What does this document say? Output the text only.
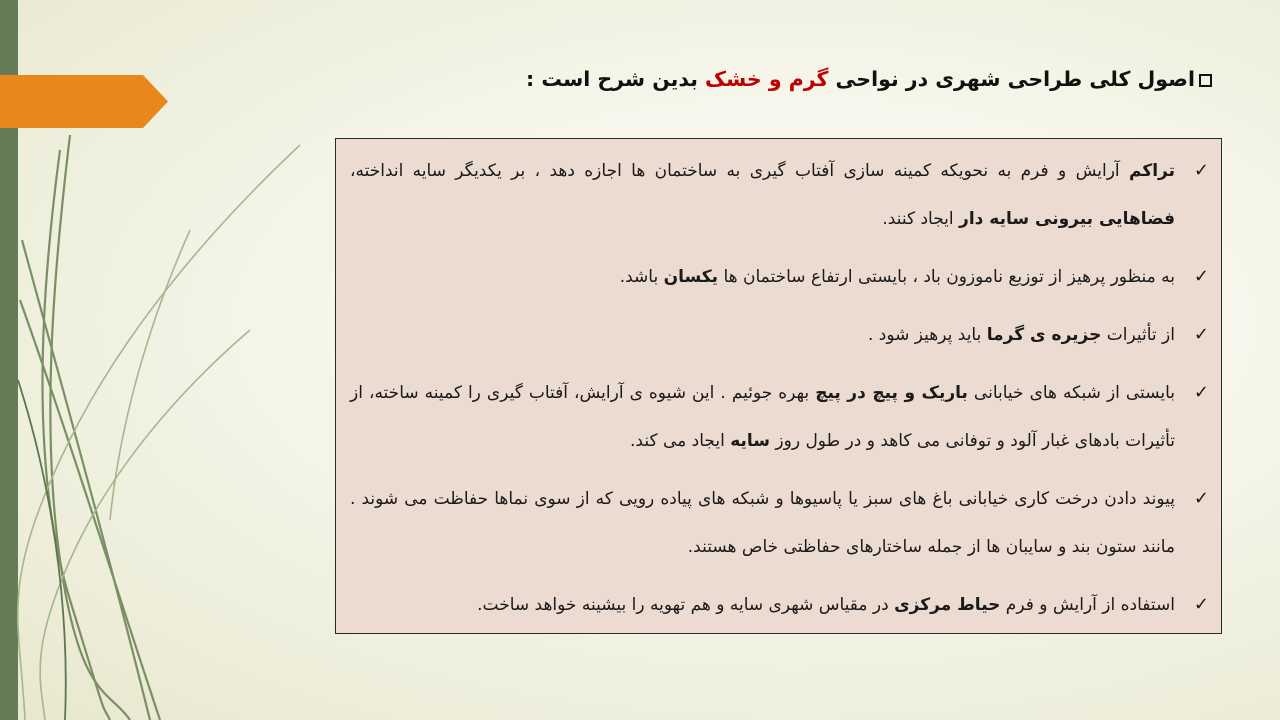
اصول کلی طراحی شهری در نواحی گرم و خشک بدین شرح است :
✓
تراکم آرایش و فرم به نحویکه کمینه سازی آفتاب گیری به ساختمان ها اجازه دهد ، بر یکدیگر سایه انداخته، فضاهایی بیرونی سایه دار ایجاد کنند.
✓
به منظور پرهیز از توزیع ناموزون باد ، بایستی ارتفاع ساختمان ها یکسان باشد.
✓
از تأثیرات جزیره ی گرما باید پرهیز شود .
✓
بایستی از شبکه های خیابانی باریک و پیچ در پیچ بهره جوئیم . این شیوه ی آرایش، آفتاب گیری را کمینه ساخته، از تأثیرات بادهای غبار آلود و توفانی می کاهد و در طول روز سایه ایجاد می کند.
✓
پیوند دادن درخت کاری خیابانی باغ های سبز یا پاسیوها و شبکه های پیاده رویی که از سوی نماها حفاظت می شوند . مانند ستون بند و سایبان ها از جمله ساختارهای حفاظتی خاص هستند.
✓
استفاده از آرایش و فرم حیاط مرکزی در مقیاس شهری سایه و هم تهویه را بیشینه خواهد ساخت.
